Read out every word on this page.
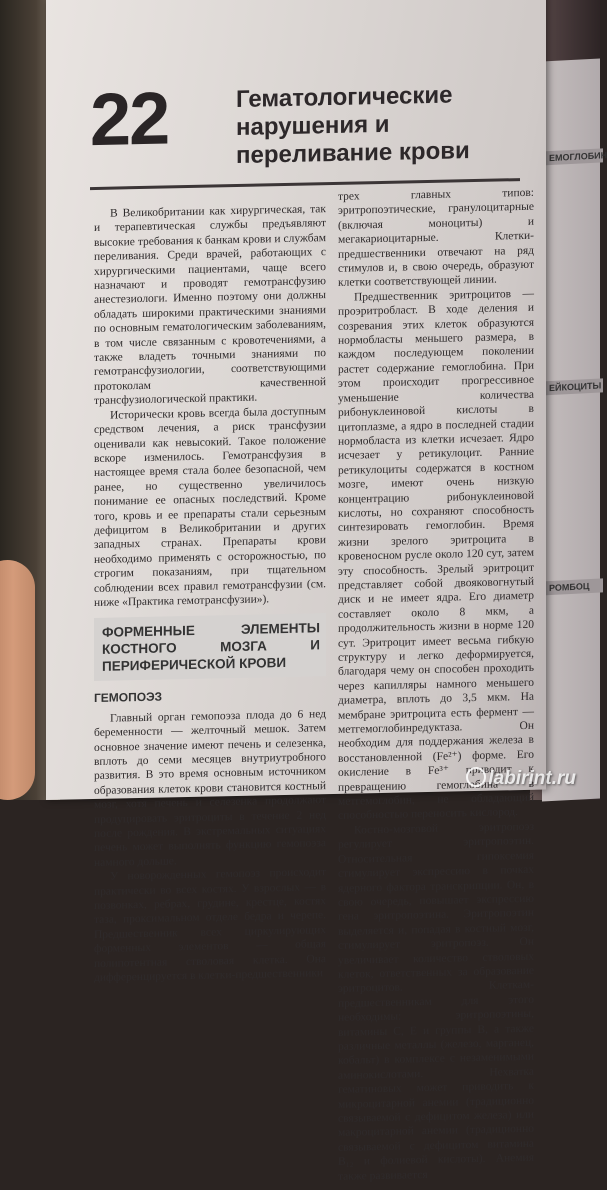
ЕМОГЛОБИН
ЕЙКОЦИТЫ
РОМБОЦ
22	Гематологические нарушения и переливание крови

В Великобритании как хирургическая, так и терапевтическая службы предъявляют высокие требования к банкам крови и службам переливания. Среди врачей, работающих с хирургическими пациентами, чаще всего назначают и проводят гемотрансфузию анестезиологи. Именно поэтому они должны обладать широкими практическими знаниями по основным гематологическим заболеваниям, в том числе связанным с кровотечениями, а также владеть точными знаниями по гемотрансфузиологии, соответствующими протоколам качественной трансфузиологической практики.

Исторически кровь всегда была доступным средством лечения, а риск трансфузии оценивали как невысокий. Такое положение вскоре изменилось. Гемотрансфузия в настоящее время стала более безопасной, чем ранее, но существенно увеличилось понимание ее опасных последствий. Кроме того, кровь и ее препараты стали серьезным дефицитом в Великобритании и других западных странах. Препараты крови необходимо применять с осторожностью, по строгим показаниям, при тщательном соблюдении всех правил гемотрансфузии (см. ниже «Практика гемотрансфузии»).

ФОРМЕННЫЕ ЭЛЕМЕНТЫ КОСТНОГО МОЗГА И ПЕРИФЕРИЧЕСКОЙ КРОВИ
ГЕМОПОЭЗ

Главный орган гемопоэза плода до 6 нед беременности — желточный мешок. Затем основное значение имеют печень и селезенка, вплоть до семи месяцев внутриутробного развития. В это время основным источником образования клеток крови становится костный мозг, хотя печень и селезенка продолжают продуцировать эритроциты в течение 2 нед после рождения. В экстремальных ситуациях печень может выполнять функцию гемопоэза намного дольше.

У новорожденных гемопоэз происходит практически во всех костях. У взрослых — в позвонках, ребрах, грудине, крестце, костях таза, проксимальном отделе бедра и черепе. Предшественник всех циркулирующих форменных элементов — общая полипотентная стволовая клетка. Она дифференцируется в клетки-предшественники

трех главных типов: эритропоэтические, гранулоцитарные (включая моноциты) и мегакариоцитарные. Клетки-предшественники отвечают на ряд стимулов и, в свою очередь, образуют клетки соответствующей линии.

Предшественник эритроцитов — проэритробласт. В ходе деления и созревания этих клеток образуются нормобласты меньшего размера, в каждом последующем поколении растет содержание гемоглобина. При этом происходит прогрессивное уменьшение количества рибонуклеиновой кислоты в цитоплазме, а ядро в последней стадии нормобласта из клетки исчезает. Ядро исчезает у ретикулоцит. Ранние ретикулоциты содержатся в костном мозге, имеют очень низкую концентрацию рибонуклеиновой кислоты, но сохраняют способность синтезировать гемоглобин. Время жизни зрелого эритроцита в кровеносном русле около 120 сут, затем эту способность. Зрелый эритроцит представляет собой двояковогнутый диск и не имеет ядра. Его диаметр составляет около 8 мкм, а продолжительность жизни в норме 120 сут. Эритроцит имеет весьма гибкую структуру и легко деформируется, благодаря чему он способен проходить через капилляры намного меньшего диаметра, вплоть до 3,5 мкм. На мембране эритроцита есть фермент — метгемоглобинредуктаза. Он необходим для поддержания железа в восстановленной (Fe²⁺) форме. Его окисление в Fe³⁺ приводит к превращению гемоглобина в метгемоглобин, не обладающий способностью переносить кислород.

Костно-мозговой эритропоэз регулирует эритропоэтин. Относительная гипоксемия стимулирует экспрессию в почках ядерного фактора транскрипции. Он, в свою очередь, повышает экспрессию гена эритропоэтина. Эритропоэтин выделяется и, попадая в костный мозг, стимулирует эритропоэз. Он увеличивает количество стволовых клеток, ответственных за образование эритроцитов. Клеткам-предшественникам для этого необходимы: эритропоэтины, витамины C, E и группы B, а также различные металлы (железо, марганец, кобальт) в комплексе с незаменимыми аминокислотами. Нехватка гематиновых может приводить к микроцитарной анемии (традиционно связываемой с дефицитом железа) или макроцитарной анемии (традиционно связываемой с дефицитом витамина B₁₂ и фолиевой кислоты). Анемия также развивается

labirint.ru
